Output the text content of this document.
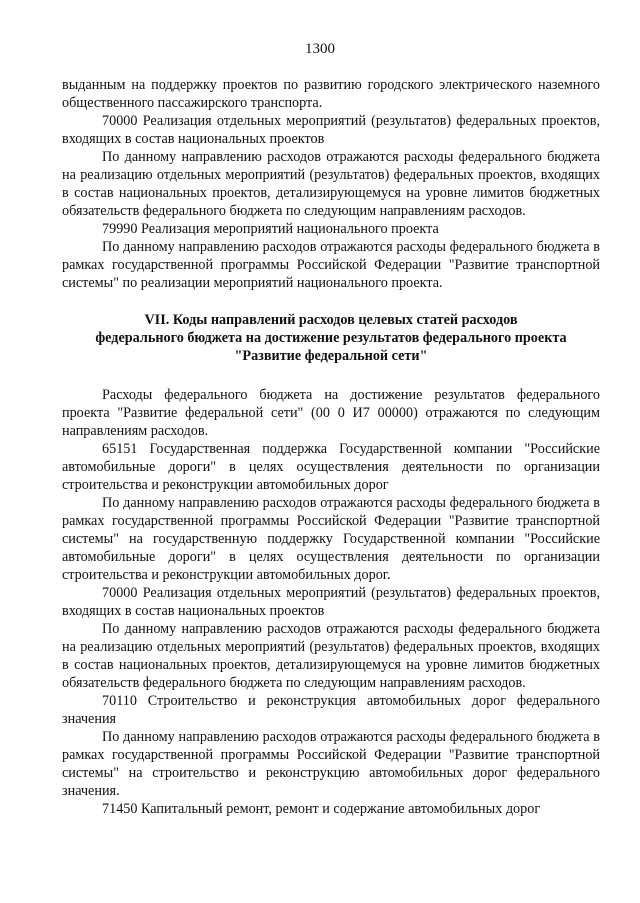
1300

выданным на поддержку проектов по развитию городского электрического наземного общественного пассажирского транспорта.

70000 Реализация отдельных мероприятий (результатов) федеральных проектов, входящих в состав национальных проектов

По данному направлению расходов отражаются расходы федерального бюджета на реализацию отдельных мероприятий (результатов) федеральных проектов, входящих в состав национальных проектов, детализирующемуся на уровне лимитов бюджетных обязательств федерального бюджета по следующим направлениям расходов.

79990 Реализация мероприятий национального проекта

По данному направлению расходов отражаются расходы федерального бюджета в рамках государственной программы Российской Федерации "Развитие транспортной системы" по реализации мероприятий национального проекта.

VII. Коды направлений расходов целевых статей расходов
федерального бюджета на достижение результатов федерального проекта
"Развитие федеральной сети"

Расходы федерального бюджета на достижение результатов федерального проекта "Развитие федеральной сети" (00 0 И7 00000) отражаются по следующим направлениям расходов.

65151 Государственная поддержка Государственной компании "Российские автомобильные дороги" в целях осуществления деятельности по организации строительства и реконструкции автомобильных дорог

По данному направлению расходов отражаются расходы федерального бюджета в рамках государственной программы Российской Федерации "Развитие транспортной системы" на государственную поддержку Государственной компании "Российские автомобильные дороги" в целях осуществления деятельности по организации строительства и реконструкции автомобильных дорог.

70000 Реализация отдельных мероприятий (результатов) федеральных проектов, входящих в состав национальных проектов

По данному направлению расходов отражаются расходы федерального бюджета на реализацию отдельных мероприятий (результатов) федеральных проектов, входящих в состав национальных проектов, детализирующемуся на уровне лимитов бюджетных обязательств федерального бюджета по следующим направлениям расходов.

70110 Строительство и реконструкция автомобильных дорог федерального значения

По данному направлению расходов отражаются расходы федерального бюджета в рамках государственной программы Российской Федерации "Развитие транспортной системы" на строительство и реконструкцию автомобильных дорог федерального значения.

71450 Капитальный ремонт, ремонт и содержание автомобильных дорог
